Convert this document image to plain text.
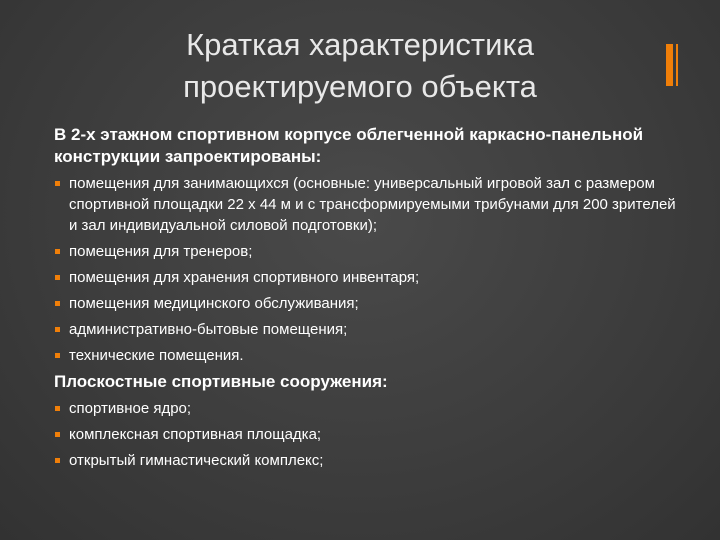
Краткая характеристика
проектируемого объекта

В 2-х этажном спортивном корпусе облегченной каркасно-панельной конструкции запроектированы:

помещения для занимающихся (основные: универсальный игровой зал с размером спортивной площадки 22 х 44 м и с трансформируемыми трибунами для 200 зрителей и зал индивидуальной силовой подготовки);
помещения для тренеров;
помещения для хранения спортивного инвентаря;
помещения медицинского обслуживания;
административно-бытовые помещения;
технические помещения.

Плоскостные спортивные сооружения:

спортивное ядро;
комплексная спортивная площадка;
открытый гимнастический комплекс;
